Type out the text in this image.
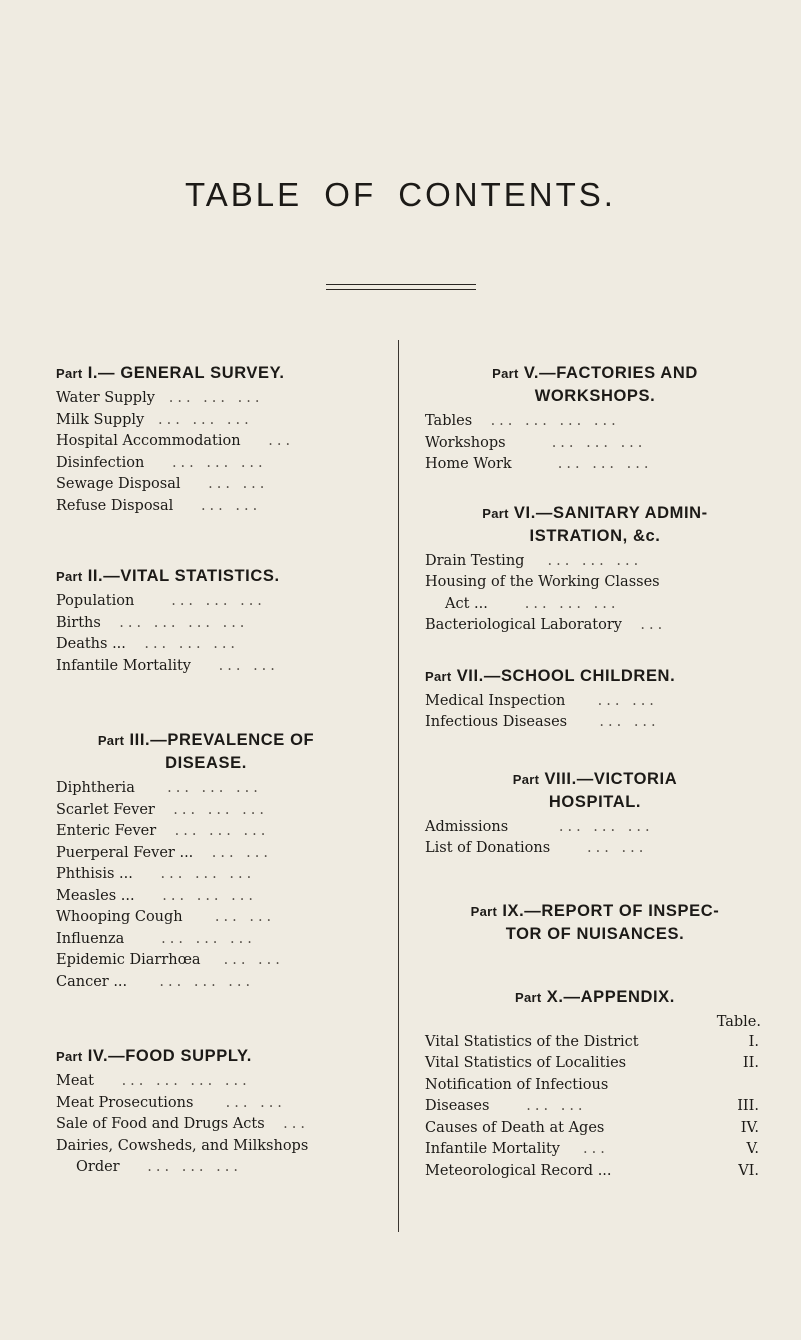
TABLE OF CONTENTS.
Part I.— GENERAL SURVEY.
Water Supply ... ... ...
Milk Supply ... ... ...
Hospital Accommodation ...
Disinfection ... ... ...
Sewage Disposal ... ...
Refuse Disposal ... ...
Part II.—VITAL STATISTICS.
Population	... ... ...
Births ... ... ... ...
Deaths ... ... ... ...
Infantile Mortality ... ...
Part III.—PREVALENCE OF
DISEASE.
Diphtheria ... ... ...
Scarlet Fever ... ... ...
Enteric Fever ... ... ...
Puerperal Fever ... ... ...
Phthisis ... ... ... ...
Measles ... ... ... ...
Whooping Cough ... ...
Influenza	... ... ...
Epidemic Diarrhœa ... ...
Cancer ... ... ... ...
Part IV.—FOOD SUPPLY.
Meat ... ... ... ...
Meat Prosecutions ... ...
Sale of Food and Drugs Acts ...
Dairies, Cowsheds, and Milkshops
Order ... ... ...
Part V.—FACTORIES AND
WORKSHOPS.
Tables ... ... ... ...
Workshops	... ... ...
Home Work	... ... ...
Part VI.—SANITARY ADMIN-
ISTRATION, &c.
Drain Testing ... ... ...
Housing of the Working Classes
Act ...	... ... ...
Bacteriological Laboratory ...
Part VII.—SCHOOL CHILDREN.
Medical Inspection ... ...
Infectious Diseases ... ...
Part VIII.—VICTORIA
HOSPITAL.
Admissions	... ... ...
List of Donations	... ...
Part IX.—REPORT OF INSPEC-
TOR OF NUISANCES.
Part X.—APPENDIX.
Table.
Vital Statistics of the District	I.
Vital Statistics of Localities	II.
Notification of Infectious
Diseases	... ...	III.
Causes of Death at Ages	IV.
Infantile Mortality ...	V.
Meteorological Record ...	VI.
